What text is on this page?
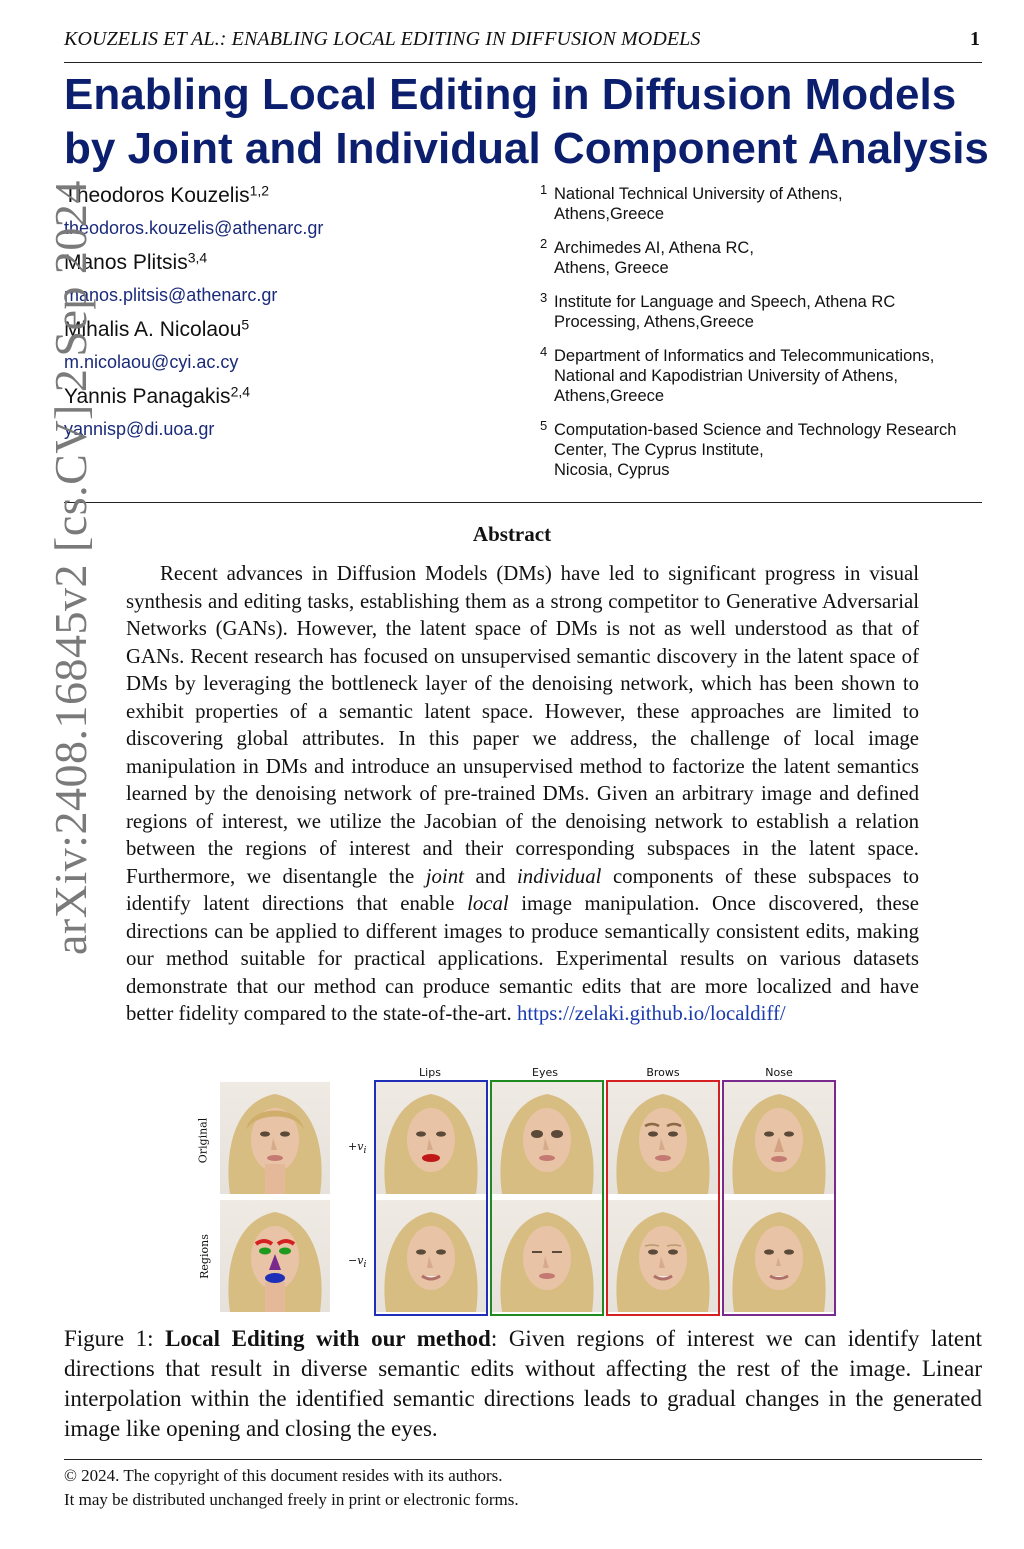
KOUZELIS ET AL.: ENABLING LOCAL EDITING IN DIFFUSION MODELS	1
Enabling Local Editing in Diffusion Models
by Joint and Individual Component Analysis
Theodoros Kouzelis$^{1,2}$
theodoros.kouzelis@athenarc.gr
Manos Plitsis$^{3,4}$
manos.plitsis@athenarc.gr
Mihalis A. Nicolaou$^5$
m.nicolaou@cyi.ac.cy
Yannis Panagakis$^{2,4}$
yannisp@di.uoa.gr
1 National Technical University of Athens,
Athens,Greece
2 Archimedes AI, Athena RC,
Athens, Greece
3 Institute for Language and Speech, Athena RC
Processing, Athens,Greece
4 Department of Informatics and Telecommunications,
National and Kapodistrian University of Athens,
Athens,Greece
5 Computation-based Science and Technology Research
Center, The Cyprus Institute,
Nicosia, Cyprus
arXiv:2408.16845v2 [cs.CV] 2 Sep 2024	Abstract

Recent advances in Diffusion Models (DMs) have led to significant progress in visual synthesis and editing tasks, establishing them as a strong competitor to Generative Adversarial Networks (GANs). However, the latent space of DMs is not as well understood as that of GANs. Recent research has focused on unsupervised semantic discovery in the latent space of DMs by leveraging the bottleneck layer of the denoising network, which has been shown to exhibit properties of a semantic latent space. However, these approaches are limited to discovering global attributes. In this paper we address, the challenge of local image manipulation in DMs and introduce an unsupervised method to factorize the latent semantics learned by the denoising network of pre-trained DMs. Given an arbitrary image and defined regions of interest, we utilize the Jacobian of the denoising network to establish a relation between the regions of interest and their corresponding subspaces in the latent space. Furthermore, we disentangle the joint and individual components of these subspaces to identify latent directions that enable local image manipulation. Once discovered, these directions can be applied to different images to produce semantically consistent edits, making our method suitable for practical applications. Experimental results on various datasets demonstrate that our method can produce semantic edits that are more localized and have better fidelity compared to the state-of-the-art. https://zelaki.github.io/localdiff/

Lips	Eyes	Brows	Nose
Original
Regions
$+v_i$
$-v_i$

Figure 1: Local Editing with our method: Given regions of interest we can identify latent directions that result in diverse semantic edits without affecting the rest of the image. Linear interpolation within the identified semantic directions leads to gradual changes in the generated image like opening and closing the eyes.

© 2024. The copyright of this document resides with its authors.
It may be distributed unchanged freely in print or electronic forms.
